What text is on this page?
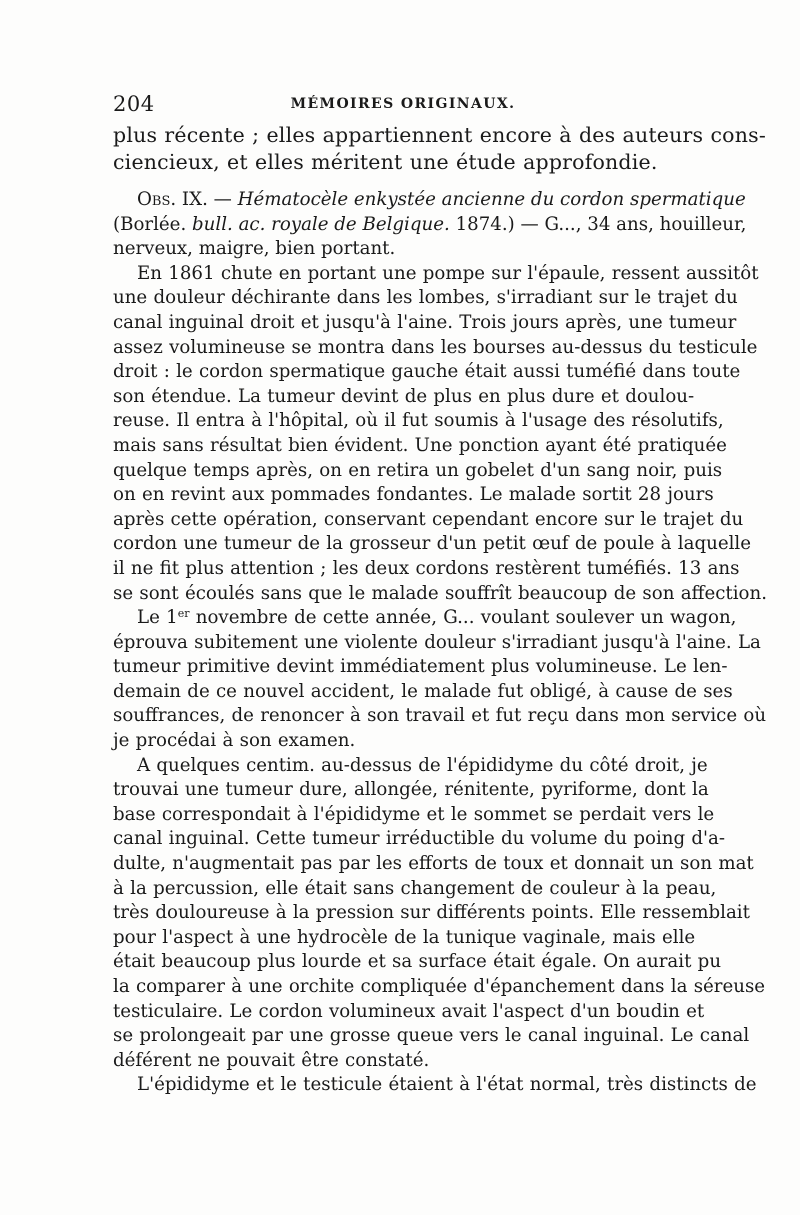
204	MÉMOIRES ORIGINAUX.
plus récente ; elles appartiennent encore à des auteurs cons-
ciencieux, et elles méritent une étude approfondie.
Obs. IX. — Hématocèle enkystée ancienne du cordon spermatique
(Borlée. bull. ac. royale de Belgique. 1874.) — G..., 34 ans, houilleur,
nerveux, maigre, bien portant.
En 1861 chute en portant une pompe sur l'épaule, ressent aussitôt
une douleur déchirante dans les lombes, s'irradiant sur le trajet du
canal inguinal droit et jusqu'à l'aine. Trois jours après, une tumeur
assez volumineuse se montra dans les bourses au-dessus du testicule
droit : le cordon spermatique gauche était aussi tuméfié dans toute
son étendue. La tumeur devint de plus en plus dure et doulou-
reuse. Il entra à l'hôpital, où il fut soumis à l'usage des résolutifs,
mais sans résultat bien évident. Une ponction ayant été pratiquée
quelque temps après, on en retira un gobelet d'un sang noir, puis
on en revint aux pommades fondantes. Le malade sortit 28 jours
après cette opération, conservant cependant encore sur le trajet du
cordon une tumeur de la grosseur d'un petit œuf de poule à laquelle
il ne fit plus attention ; les deux cordons restèrent tuméfiés. 13 ans
se sont écoulés sans que le malade souffrît beaucoup de son affection.
Le 1er novembre de cette année, G... voulant soulever un wagon,
éprouva subitement une violente douleur s'irradiant jusqu'à l'aine. La
tumeur primitive devint immédiatement plus volumineuse. Le len-
demain de ce nouvel accident, le malade fut obligé, à cause de ses
souffrances, de renoncer à son travail et fut reçu dans mon service où
je procédai à son examen.
A quelques centim. au-dessus de l'épididyme du côté droit, je
trouvai une tumeur dure, allongée, rénitente, pyriforme, dont la
base correspondait à l'épididyme et le sommet se perdait vers le
canal inguinal. Cette tumeur irréductible du volume du poing d'a-
dulte, n'augmentait pas par les efforts de toux et donnait un son mat
à la percussion, elle était sans changement de couleur à la peau,
très douloureuse à la pression sur différents points. Elle ressemblait
pour l'aspect à une hydrocèle de la tunique vaginale, mais elle
était beaucoup plus lourde et sa surface était égale. On aurait pu
la comparer à une orchite compliquée d'épanchement dans la séreuse
testiculaire. Le cordon volumineux avait l'aspect d'un boudin et
se prolongeait par une grosse queue vers le canal inguinal. Le canal
déférent ne pouvait être constaté.
L'épididyme et le testicule étaient à l'état normal, très distincts de
